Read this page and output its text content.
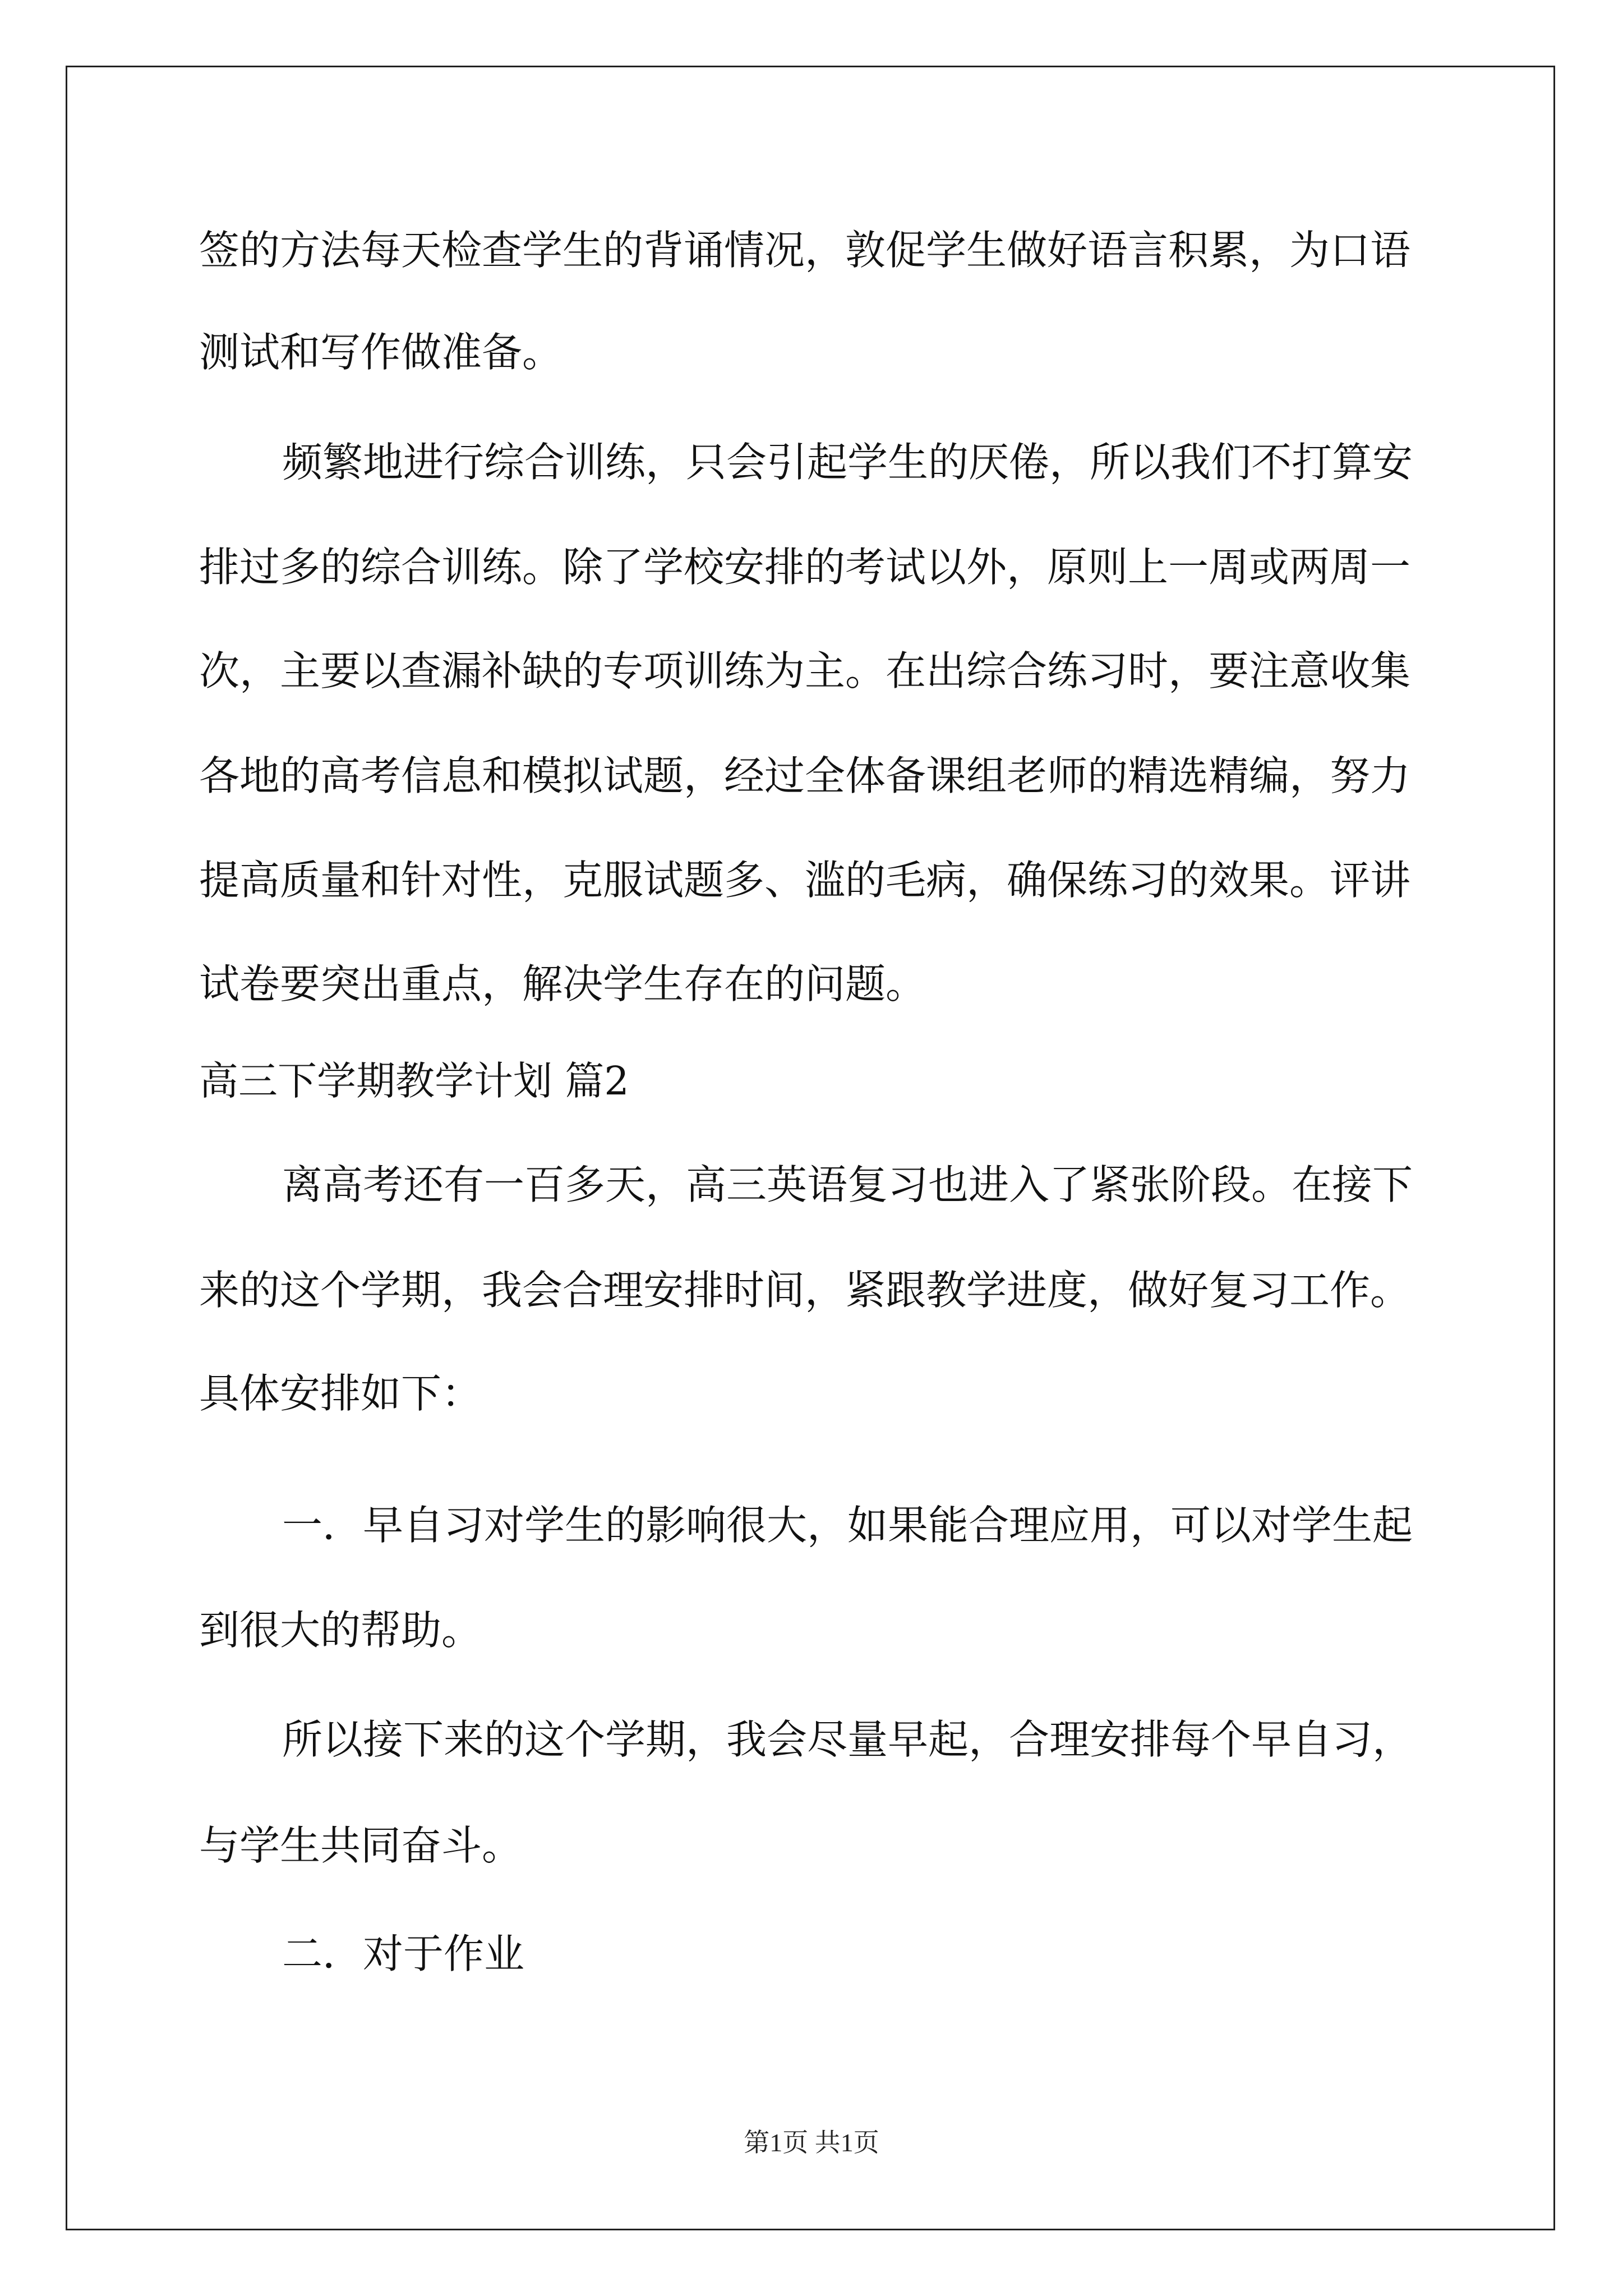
签的方法每天检查学生的背诵情况，敦促学生做好语言积累，为口语
测试和写作做准备。
频繁地进行综合训练，只会引起学生的厌倦，所以我们不打算安
排过多的综合训练。除了学校安排的考试以外，原则上一周或两周一
次，主要以查漏补缺的专项训练为主。在出综合练习时，要注意收集
各地的高考信息和模拟试题，经过全体备课组老师的精选精编，努力
提高质量和针对性，克服试题多、滥的毛病，确保练习的效果。评讲
试卷要突出重点，解决学生存在的问题。
高三下学期教学计划 篇2
离高考还有一百多天，高三英语复习也进入了紧张阶段。在接下
来的这个学期，我会合理安排时间，紧跟教学进度，做好复习工作。
具体安排如下：
一．早自习对学生的影响很大，如果能合理应用，可以对学生起
到很大的帮助。
所以接下来的这个学期，我会尽量早起，合理安排每个早自习，
与学生共同奋斗。
二．对于作业
第1页 共1页
